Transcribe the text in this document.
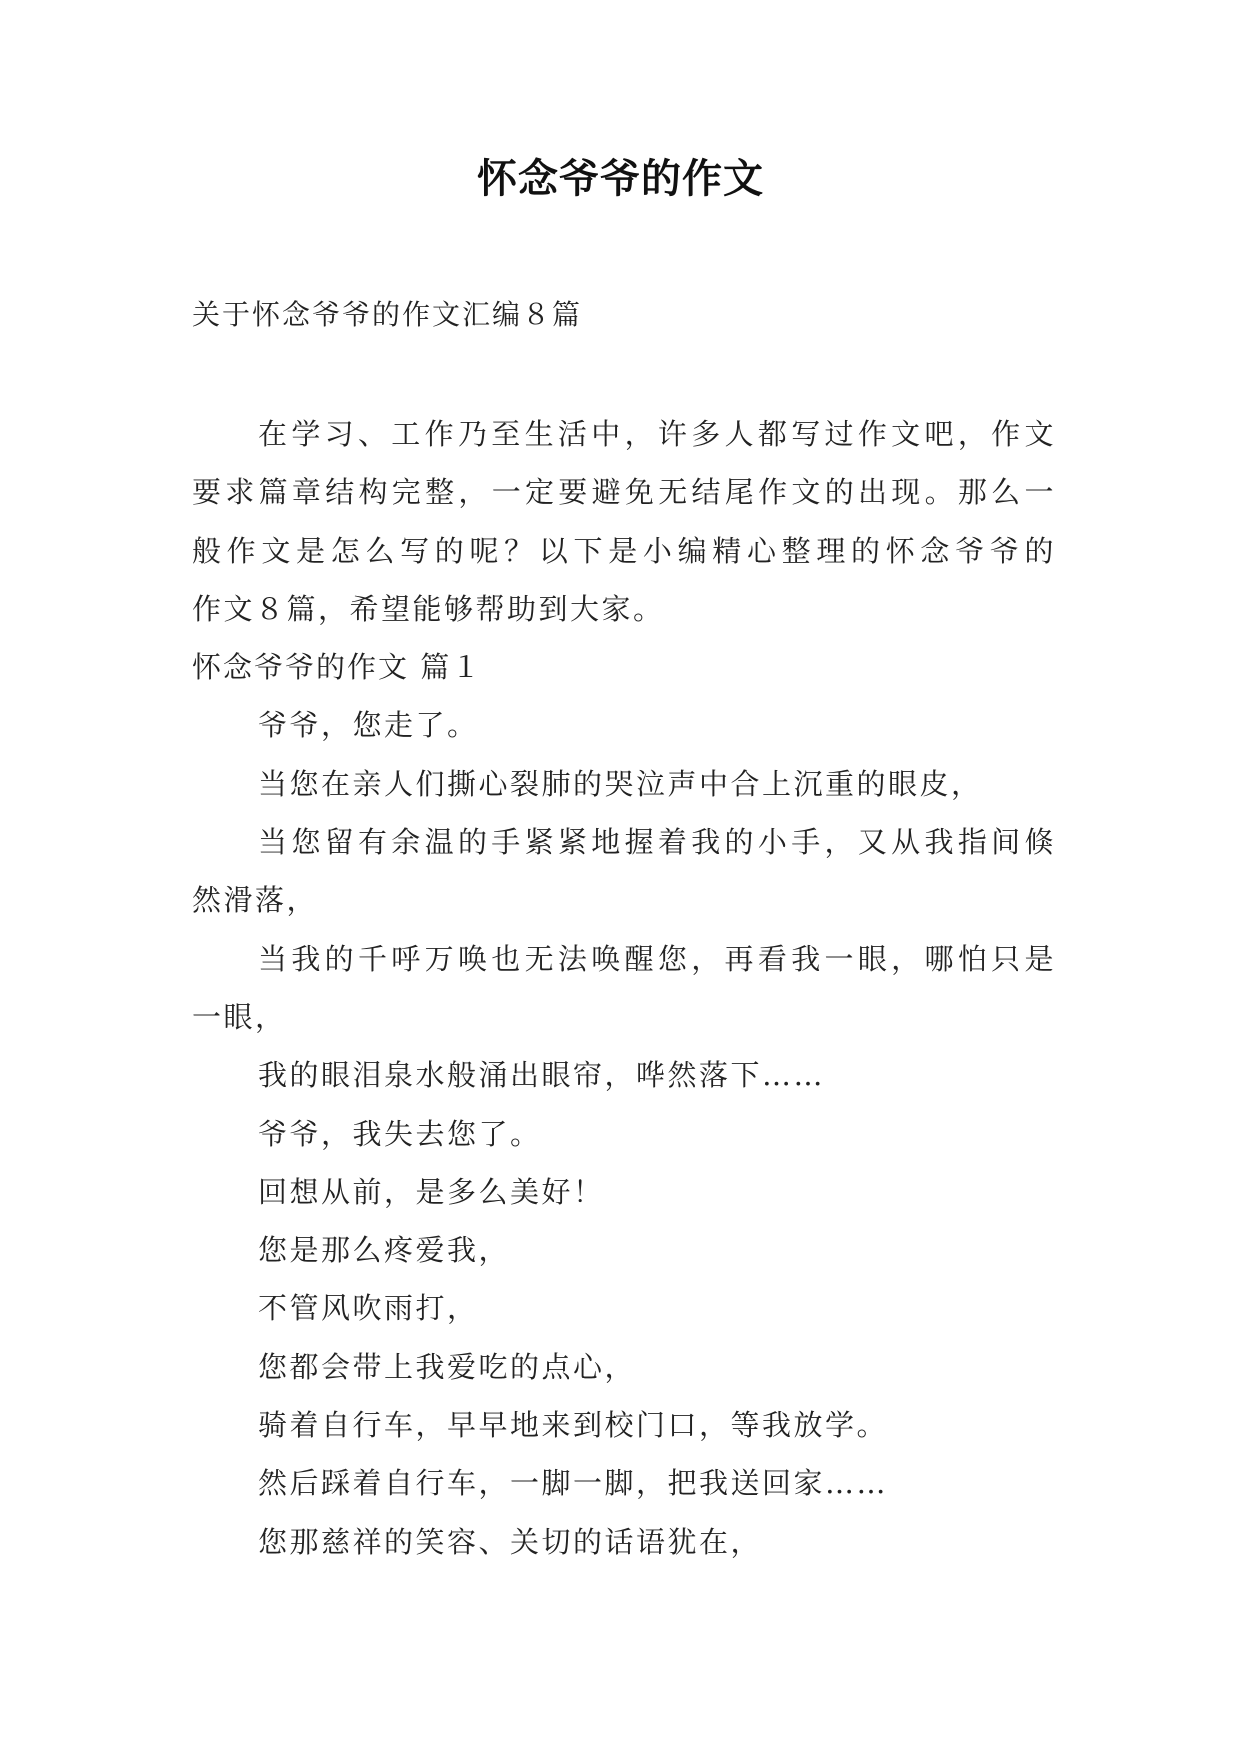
怀念爷爷的作文
关于怀念爷爷的作文汇编８篇
在学习、工作乃至生活中，许多人都写过作文吧，作文
要求篇章结构完整，一定要避免无结尾作文的出现。那么一
般作文是怎么写的呢？以下是小编精心整理的怀念爷爷的
作文８篇，希望能够帮助到大家。
怀念爷爷的作文 篇１
爷爷，您走了。
当您在亲人们撕心裂肺的哭泣声中合上沉重的眼皮，
当您留有余温的手紧紧地握着我的小手，又从我指间倏
然滑落，
当我的千呼万唤也无法唤醒您，再看我一眼，哪怕只是
一眼，
我的眼泪泉水般涌出眼帘，哗然落下……
爷爷，我失去您了。
回想从前，是多么美好！
您是那么疼爱我，
不管风吹雨打，
您都会带上我爱吃的点心，
骑着自行车，早早地来到校门口，等我放学。
然后踩着自行车，一脚一脚，把我送回家……
您那慈祥的笑容、关切的话语犹在，
